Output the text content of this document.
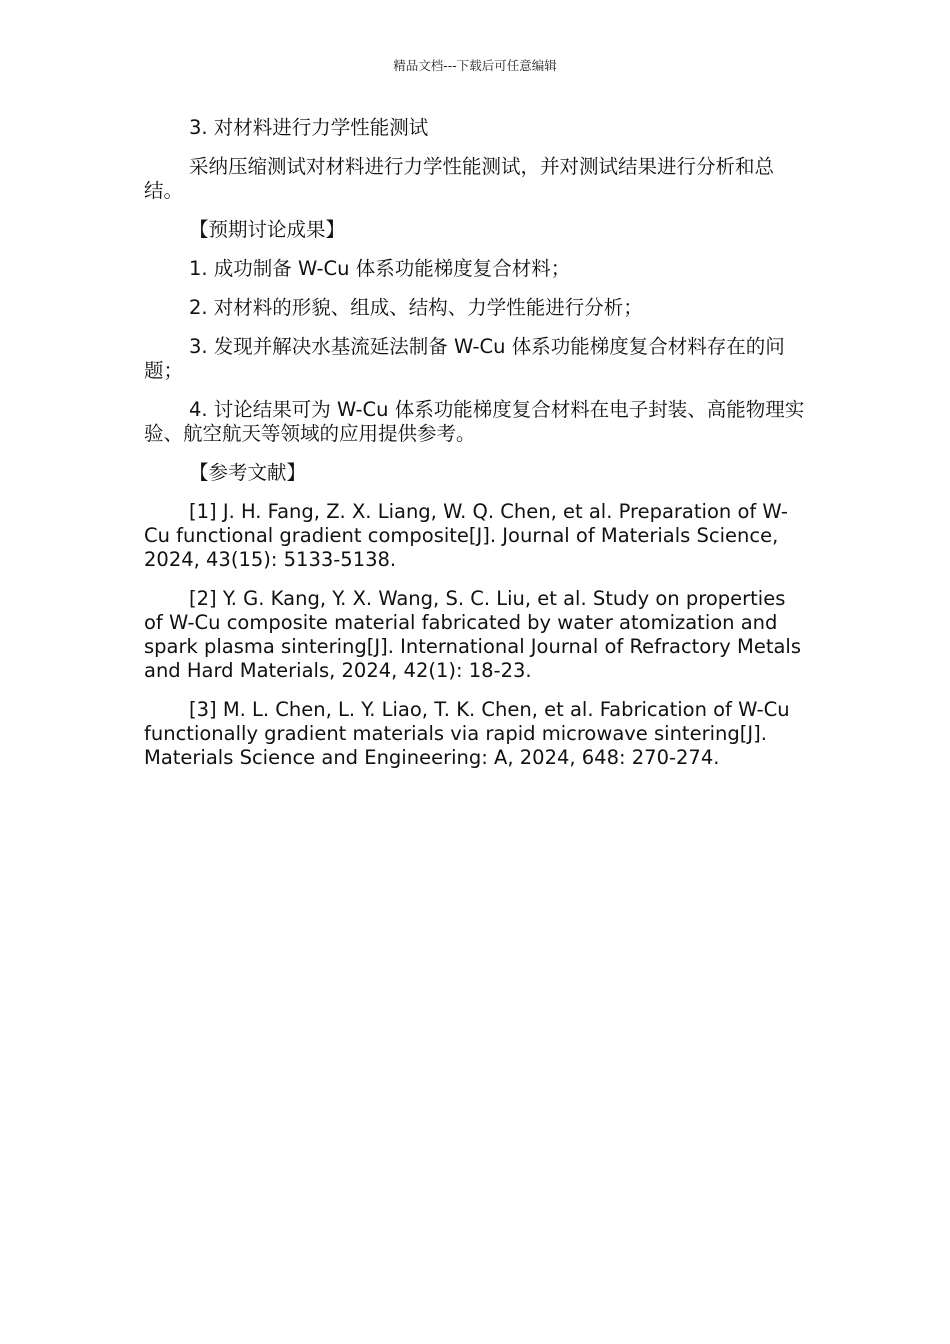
精品文档---下载后可任意编辑

3. 对材料进行力学性能测试

采纳压缩测试对材料进行力学性能测试，并对测试结果进行分析和总结。

【预期讨论成果】

1. 成功制备 W-Cu 体系功能梯度复合材料；

2. 对材料的形貌、组成、结构、力学性能进行分析；

3. 发现并解决水基流延法制备 W-Cu 体系功能梯度复合材料存在的问题；

4. 讨论结果可为 W-Cu 体系功能梯度复合材料在电子封装、高能物理实验、航空航天等领域的应用提供参考。

【参考文献】

[1] J. H. Fang, Z. X. Liang, W. Q. Chen, et al. Preparation of W-Cu functional gradient composite[J]. Journal of Materials Science, 2024, 43(15): 5133-5138.

[2] Y. G. Kang, Y. X. Wang, S. C. Liu, et al. Study on properties of W-Cu composite material fabricated by water atomization and spark plasma sintering[J]. International Journal of Refractory Metals and Hard Materials, 2024, 42(1): 18-23.

[3] M. L. Chen, L. Y. Liao, T. K. Chen, et al. Fabrication of W-Cu functionally gradient materials via rapid microwave sintering[J]. Materials Science and Engineering: A, 2024, 648: 270-274.
